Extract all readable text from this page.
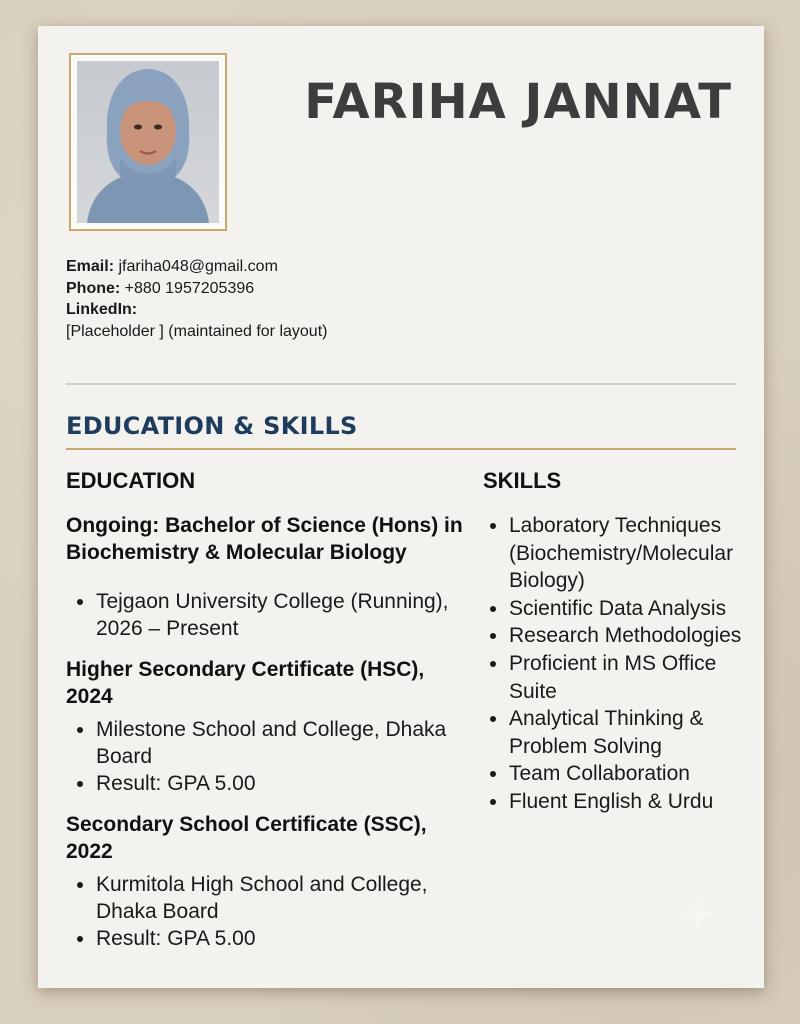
FARIHA JANNAT
Email: jfariha048@gmail.com
Phone: +880 1957205396
LinkedIn:
[Placeholder ] (maintained for layout)
EDUCATION & SKILLS
EDUCATION

Ongoing: Bachelor of Science (Hons) in Biochemistry & Molecular Biology

• Tejgaon University College (Running), 2026 – Present

Higher Secondary Certificate (HSC), 2024

• Milestone School and College, Dhaka Board
• Result: GPA 5.00

Secondary School Certificate (SSC), 2022

• Kurmitola High School and College, Dhaka Board
• Result: GPA 5.00
SKILLS
• Laboratory Techniques (Biochemistry/Molecular Biology)
• Scientific Data Analysis
• Research Methodologies
• Proficient in MS Office Suite
• Analytical Thinking & Problem Solving
• Team Collaboration
• Fluent English & Urdu
